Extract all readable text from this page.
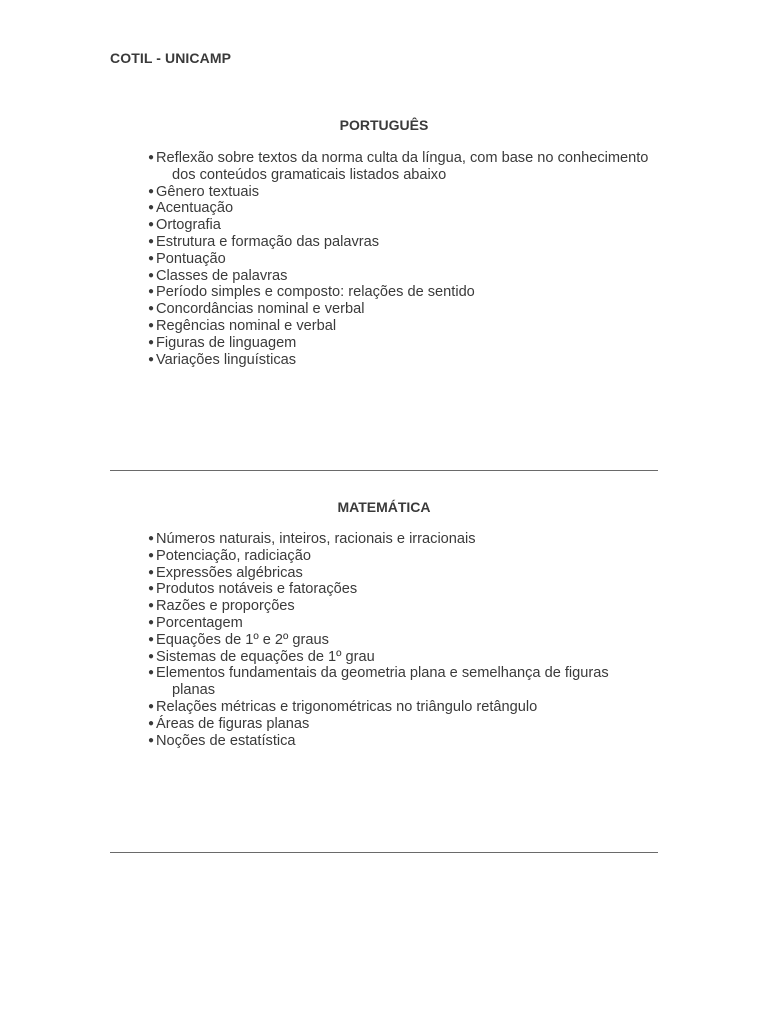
COTIL - UNICAMP
PORTUGUÊS
● Reflexão sobre textos da norma culta da língua, com base no conhecimento
dos conteúdos gramaticais listados abaixo
● Gênero textuais
● Acentuação
● Ortografia
● Estrutura e formação das palavras
● Pontuação
● Classes de palavras
● Período simples e composto: relações de sentido
● Concordâncias nominal e verbal
● Regências nominal e verbal
● Figuras de linguagem
● Variações linguísticas
MATEMÁTICA
● Números naturais, inteiros, racionais e irracionais
● Potenciação, radiciação
● Expressões algébricas
● Produtos notáveis e fatorações
● Razões e proporções
● Porcentagem
● Equações de 1º e 2º graus
● Sistemas de equações de 1º grau
● Elementos fundamentais da geometria plana e semelhança de figuras
planas
● Relações métricas e trigonométricas no triângulo retângulo
● Áreas de figuras planas
● Noções de estatística
